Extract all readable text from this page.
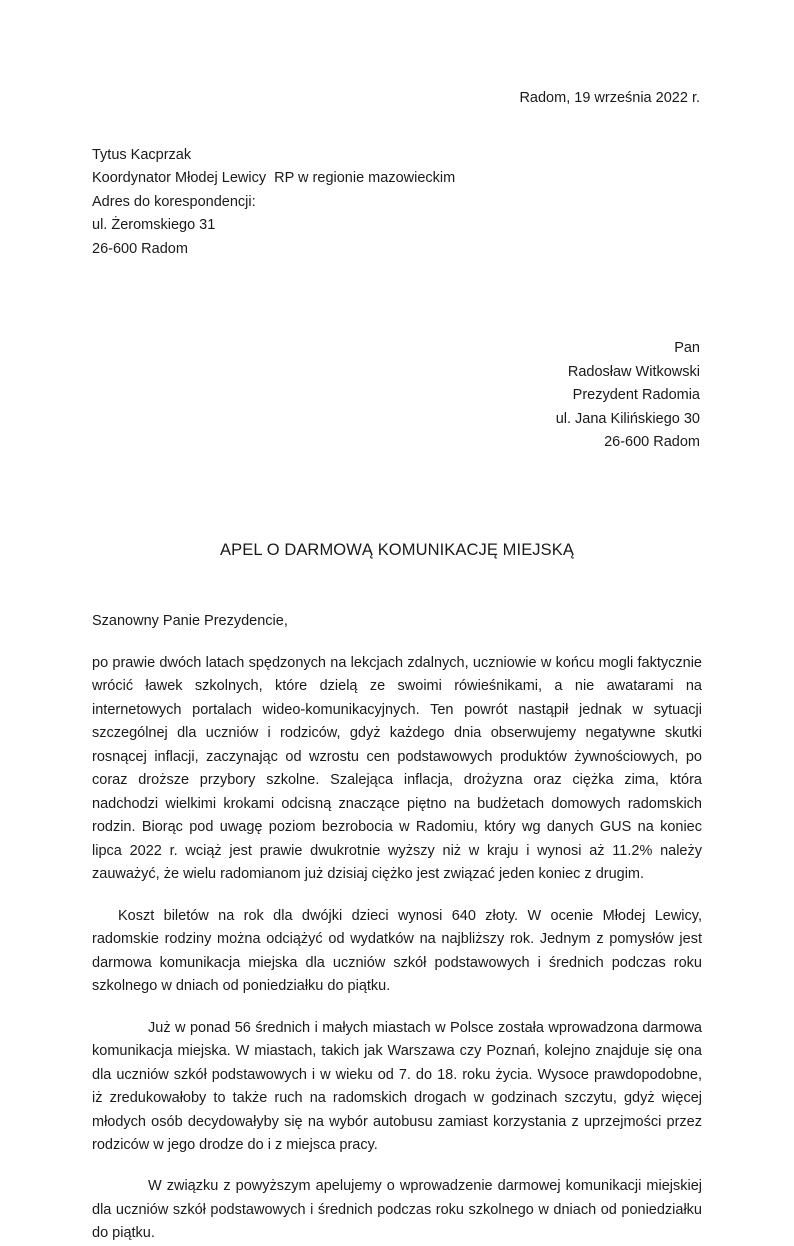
Radom, 19 września 2022 r.
Tytus Kacprzak
Koordynator Młodej Lewicy  RP w regionie mazowieckim
Adres do korespondencji:
ul. Żeromskiego 31
26-600 Radom
Pan
Radosław Witkowski
Prezydent Radomia
ul. Jana Kilińskiego 30
26-600 Radom
APEL O DARMOWĄ KOMUNIKACJĘ MIEJSKĄ
Szanowny Panie Prezydencie,

po prawie dwóch latach spędzonych na lekcjach zdalnych, uczniowie w końcu mogli faktycznie wrócić ławek szkolnych, które dzielą ze swoimi rówieśnikami, a nie awatarami na internetowych portalach wideo-komunikacyjnych. Ten powrót nastąpił jednak w sytuacji szczególnej dla uczniów i rodziców, gdyż każdego dnia obserwujemy negatywne skutki rosnącej inflacji, zaczynając od wzrostu cen podstawowych produktów żywnościowych, po coraz droższe przybory szkolne. Szalejąca inflacja, drożyzna oraz ciężka zima, która nadchodzi wielkimi krokami odcisną znaczące piętno na budżetach domowych radomskich rodzin. Biorąc pod uwagę poziom bezrobocia w Radomiu, który wg danych GUS na koniec lipca 2022 r. wciąż jest prawie dwukrotnie wyższy niż w kraju i wynosi aż 11.2% należy zauważyć, że wielu radomianom już dzisiaj ciężko jest związać jeden koniec z drugim.

Koszt biletów na rok dla dwójki dzieci wynosi 640 złoty. W ocenie Młodej Lewicy, radomskie rodziny można odciążyć od wydatków na najbliższy rok. Jednym z pomysłów jest darmowa komunikacja miejska dla uczniów szkół podstawowych i średnich podczas roku szkolnego w dniach od poniedziałku do piątku.

Już w ponad 56 średnich i małych miastach w Polsce została wprowadzona darmowa komunikacja miejska. W miastach, takich jak Warszawa czy Poznań, kolejno znajduje się ona dla uczniów szkół podstawowych i w wieku od 7. do 18. roku życia. Wysoce prawdopodobne, iż zredukowałoby to także ruch na radomskich drogach w godzinach szczytu, gdyż więcej młodych osób decydowałyby się na wybór autobusu zamiast korzystania z uprzejmości przez rodziców w jego drodze do i z miejsca pracy.

W związku z powyższym apelujemy o wprowadzenie darmowej komunikacji miejskiej dla uczniów szkół podstawowych i średnich podczas roku szkolnego w dniach od poniedziałku do piątku.
